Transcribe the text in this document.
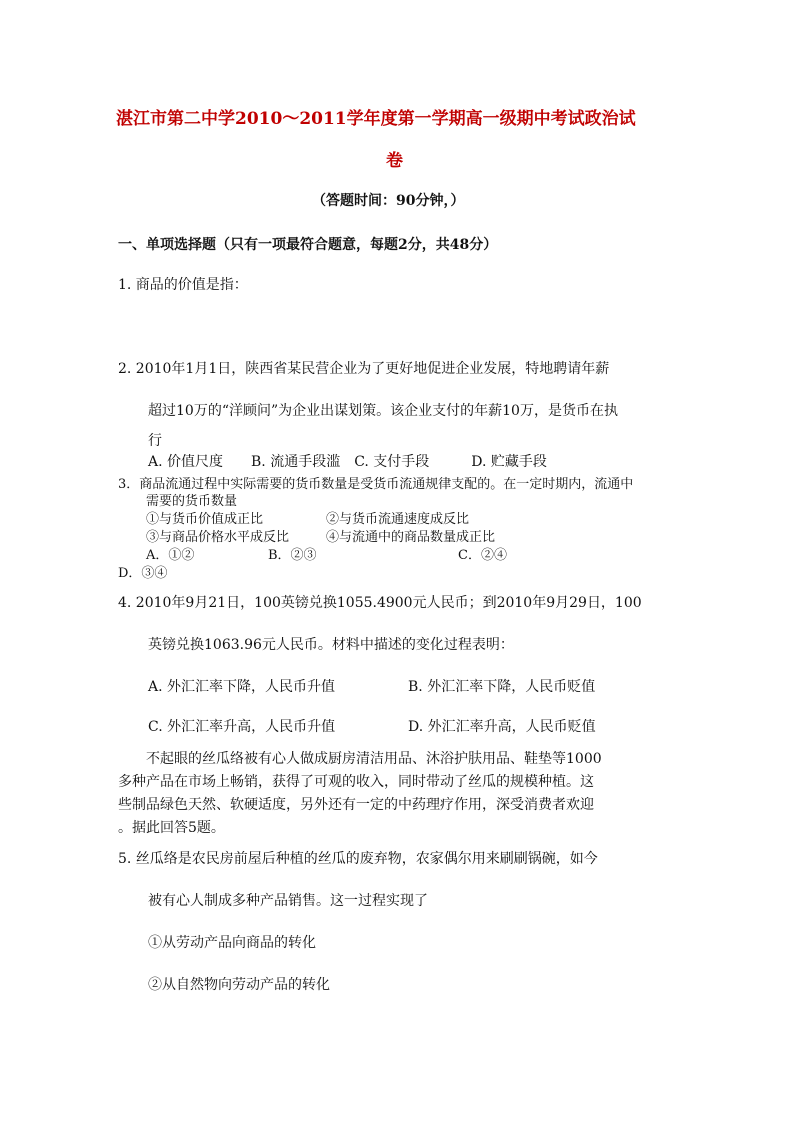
湛江市第二中学2010～2011学年度第一学期高一级期中考试政治试
卷
（答题时间：90分钟，）
一、单项选择题（只有一项最符合题意，每题2分，共48分）
1. 商品的价值是指：
2. 2010年1月1日，陕西省某民营企业为了更好地促进企业发展，特地聘请年薪
超过10万的“洋顾问”为企业出谋划策。该企业支付的年薪10万，是货币在执
行
A. 价值尺度　　B. 流通手段滥　C. 支付手段　　　D. 贮藏手段
3．商品流通过程中实际需要的货币数量是受货币流通规律支配的。在一定时期内，流通中
需要的货币数量
①与货币价值成正比	②与货币流通速度成反比
③与商品价格水平成反比	④与流通中的商品数量成正比
A．①②	B．②③	C．②④
D．③④
4. 2010年9月21日，100英镑兑换1055.4900元人民币；到2010年9月29日，100
英镑兑换1063.96元人民币。材料中描述的变化过程表明：
A. 外汇汇率下降，人民币升值	B. 外汇汇率下降，人民币贬值
C. 外汇汇率升高，人民币升值	D. 外汇汇率升高，人民币贬值
不起眼的丝瓜络被有心人做成厨房清洁用品、沐浴护肤用品、鞋垫等1000
多种产品在市场上畅销，获得了可观的收入，同时带动了丝瓜的规模种植。这
些制品绿色天然、软硬适度，另外还有一定的中药理疗作用，深受消费者欢迎
。据此回答5题。
5. 丝瓜络是农民房前屋后种植的丝瓜的废弃物，农家偶尔用来刷刷锅碗，如今
被有心人制成多种产品销售。这一过程实现了
①从劳动产品向商品的转化
②从自然物向劳动产品的转化
